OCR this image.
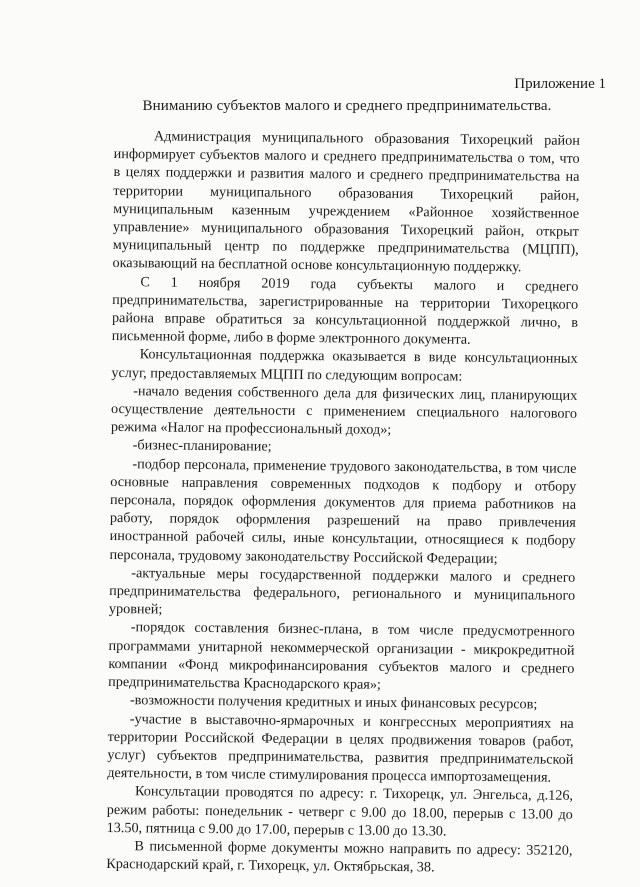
Приложение 1
Вниманию субъектов малого и среднего предпринимательства.

Администрация муниципального образования Тихорецкий район информирует субъектов малого и среднего предпринимательства о том, что в целях поддержки и развития малого и среднего предпринимательства на территории муниципального образования Тихорецкий район, муниципальным казенным учреждением «Районное хозяйственное управление» муниципального образования Тихорецкий район, открыт муниципальный центр по поддержке предпринимательства (МЦПП), оказывающий на бесплатной основе консультационную поддержку.

С 1 ноября 2019 года субъекты малого и среднего предпринимательства, зарегистрированные на территории Тихорецкого района вправе обратиться за консультационной поддержкой лично, в письменной форме, либо в форме электронного документа.

Консультационная поддержка оказывается в виде консультационных услуг, предоставляемых МЦПП по следующим вопросам:

-начало ведения собственного дела для физических лиц, планирующих осуществление деятельности с применением специального налогового режима «Налог на профессиональный доход»;

-бизнес-планирование;

-подбор персонала, применение трудового законодательства, в том числе основные направления современных подходов к подбору и отбору персонала, порядок оформления документов для приема работников на работу, порядок оформления разрешений на право привлечения иностранной рабочей силы, иные консультации, относящиеся к подбору персонала, трудовому законодательству Российской Федерации;

-актуальные меры государственной поддержки малого и среднего предпринимательства федерального, регионального и муниципального уровней;

-порядок составления бизнес-плана, в том числе предусмотренного программами унитарной некоммерческой организации - микрокредитной компании «Фонд микрофинансирования субъектов малого и среднего предпринимательства Краснодарского края»;

-возможности получения кредитных и иных финансовых ресурсов;

-участие в выставочно-ярмарочных и конгрессных мероприятиях на территории Российской Федерации в целях продвижения товаров (работ, услуг) субъектов предпринимательства, развития предпринимательской деятельности, в том числе стимулирования процесса импортозамещения.

Консультации проводятся по адресу: г. Тихорецк, ул. Энгельса, д.126, режим работы: понедельник - четверг с 9.00 до 18.00, перерыв с 13.00 до 13.50, пятница с 9.00 до 17.00, перерыв с 13.00 до 13.30.

В письменной форме документы можно направить по адресу: 352120, Краснодарский край, г. Тихорецк, ул. Октябрьская, 38.
